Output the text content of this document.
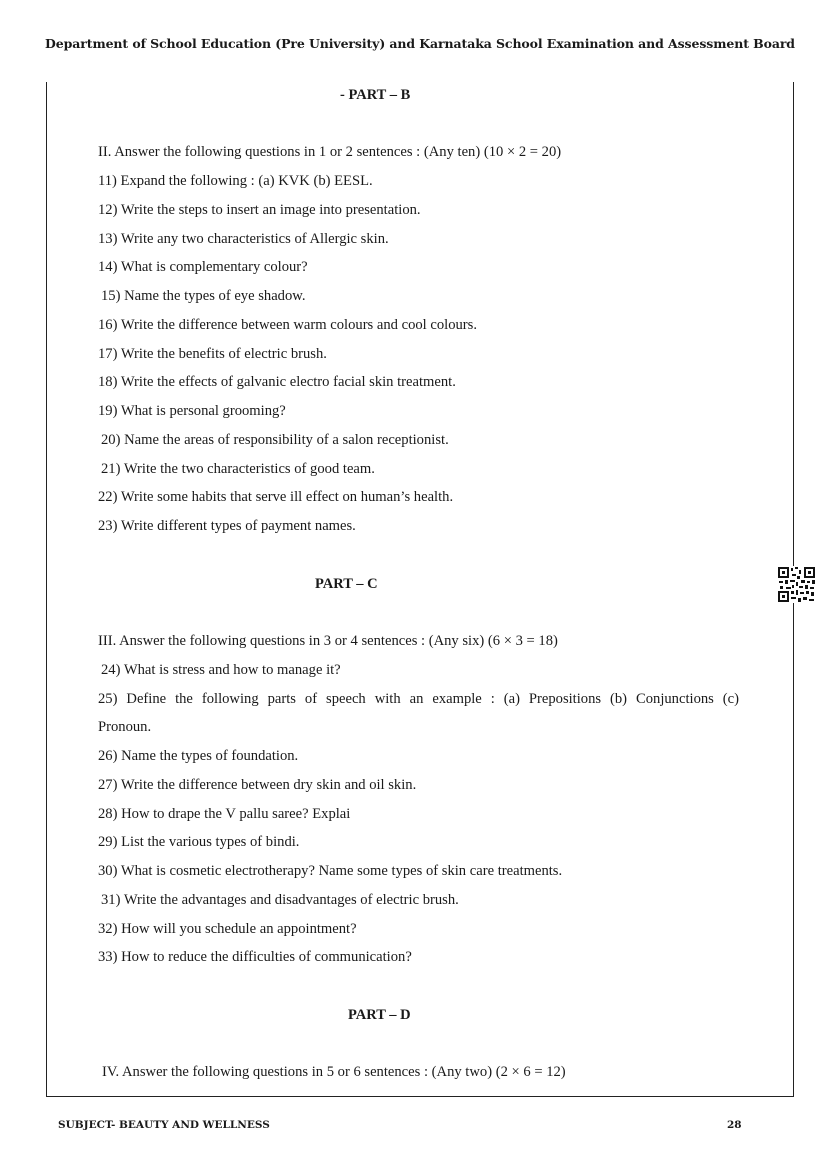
Department of School Education (Pre University) and Karnataka School Examination and Assessment Board
- PART – B
II. Answer the following questions in 1 or 2 sentences : (Any ten) (10 × 2 = 20)
11) Expand the following : (a) KVK (b) EESL.
12) Write the steps to insert an image into presentation.
13) Write any two characteristics of Allergic skin.
14) What is complementary colour?
15) Name the types of eye shadow.
16) Write the difference between warm colours and cool colours.
17) Write the benefits of electric brush.
18) Write the effects of galvanic electro facial skin treatment.
19) What is personal grooming?
20) Name the areas of responsibility of a salon receptionist.
21) Write the two characteristics of good team.
22) Write some habits that serve ill effect on human’s health.
23) Write different types of payment names.
PART – C
III. Answer the following questions in 3 or 4 sentences : (Any six) (6 × 3 = 18)
24) What is stress and how to manage it?
25) Define the following parts of speech with an example : (a) Prepositions (b) Conjunctions (c)
Pronoun.
26) Name the types of foundation.
27) Write the difference between dry skin and oil skin.
28) How to drape the V pallu saree? Explai
29) List the various types of bindi.
30) What is cosmetic electrotherapy? Name some types of skin care treatments.
31) Write the advantages and disadvantages of electric brush.
32) How will you schedule an appointment?
33) How to reduce the difficulties of communication?
PART – D
IV. Answer the following questions in 5 or 6 sentences : (Any two) (2 × 6 = 12)
SUBJECT- BEAUTY AND WELLNESS	28
